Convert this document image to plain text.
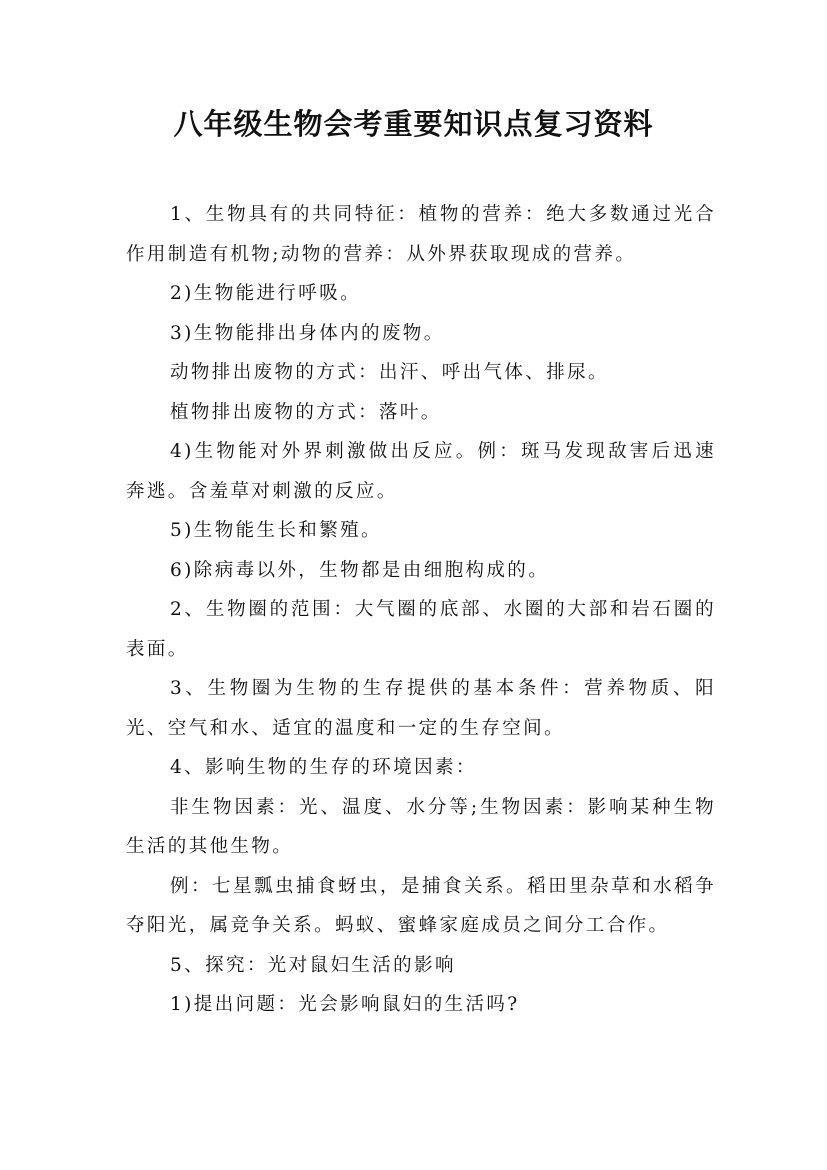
八年级生物会考重要知识点复习资料

1、生物具有的共同特征：植物的营养：绝大多数通过光合作用制造有机物;动物的营养：从外界获取现成的营养。

2)生物能进行呼吸。

3)生物能排出身体内的废物。

动物排出废物的方式：出汗、呼出气体、排尿。

植物排出废物的方式：落叶。

4)生物能对外界刺激做出反应。例：斑马发现敌害后迅速奔逃。含羞草对刺激的反应。

5)生物能生长和繁殖。

6)除病毒以外，生物都是由细胞构成的。

2、生物圈的范围：大气圈的底部、水圈的大部和岩石圈的表面。

3、生物圈为生物的生存提供的基本条件：营养物质、阳光、空气和水、适宜的温度和一定的生存空间。

4、影响生物的生存的环境因素：

非生物因素：光、温度、水分等;生物因素：影响某种生物生活的其他生物。

例：七星瓢虫捕食蚜虫，是捕食关系。稻田里杂草和水稻争夺阳光，属竞争关系。蚂蚁、蜜蜂家庭成员之间分工合作。

5、探究：光对鼠妇生活的影响

1)提出问题：光会影响鼠妇的生活吗?
